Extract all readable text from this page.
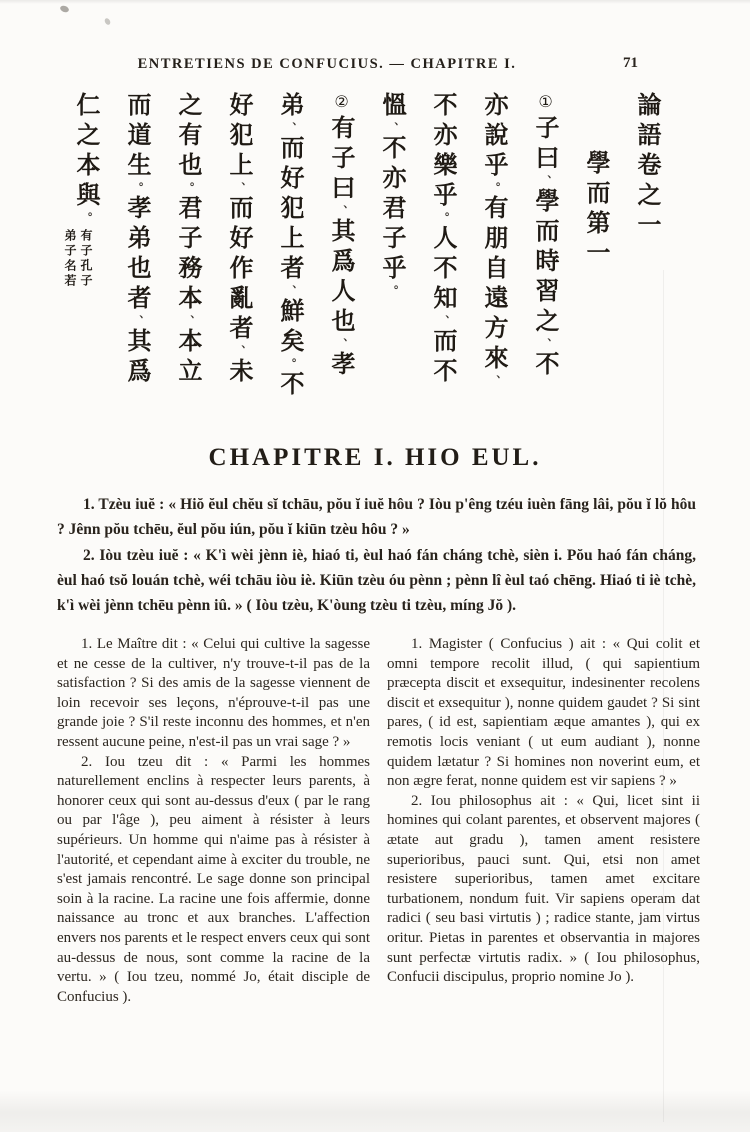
ENTRETIENS DE CONFUCIUS. — CHAPITRE I.	71
論語卷之一
學而第一
①子曰、學而時習之、不
亦說乎。有朋自遠方來、
不亦樂乎。人不知、而不
慍、不亦君子乎。
②有子曰、其爲人也、孝
弟、而好犯上者、鮮矣。不
好犯上、而好作亂者、未
之有也。君子務本、本立
而道生。孝弟也者、其爲
仁之本與。
有子孔子
弟子名若
CHAPITRE I. HIO EUL.

1. Tzèu iuĕ : « Hiŏ ĕul chĕu sĭ tchāu, pŏu ĭ iuĕ hôu ? Iòu p'êng tzéu iuèn fāng lâi, pŏu ĭ lŏ hôu ? Jênn pŏu tchēu, ĕul pŏu iún, pŏu ĭ kiūn tzèu hôu ? »

2. Iòu tzèu iuĕ : « K'ì wèi jènn iè, hiaó ti, èul haó fán cháng tchè, sièn i. Pŏu haó fán cháng, èul haó tsŏ louán tchè, wéi tchāu iòu iè. Kiūn tzèu óu pènn ; pènn lî èul taó chēng. Hiaó ti iè tchè, k'ì wèi jènn tchēu pènn iû. » ( Iòu tzèu, K'òung tzèu ti tzèu, míng Jŏ ).

1. Le Maître dit : « Celui qui cultive la sagesse et ne cesse de la cultiver, n'y trouve-t-il pas de la satisfaction ? Si des amis de la sagesse viennent de loin recevoir ses leçons, n'éprouve-t-il pas une grande joie ? S'il reste inconnu des hommes, et n'en ressent aucune peine, n'est-il pas un vrai sage ? »

2. Iou tzeu dit : « Parmi les hommes naturellement enclins à respecter leurs parents, à honorer ceux qui sont au-dessus d'eux ( par le rang ou par l'âge ), peu aiment à résister à leurs supérieurs. Un homme qui n'aime pas à résister à l'autorité, et cependant aime à exciter du trouble, ne s'est jamais rencontré. Le sage donne son principal soin à la racine. La racine une fois affermie, donne naissance au tronc et aux branches. L'affection envers nos parents et le respect envers ceux qui sont au-dessus de nous, sont comme la racine de la vertu. » ( Iou tzeu, nommé Jo, était disciple de Confucius ).

1. Magister ( Confucius ) ait : « Qui colit et omni tempore recolit illud, ( qui sapientium præcepta discit et exsequitur, indesinenter recolens discit et exsequitur ), nonne quidem gaudet ? Si sint pares, ( id est, sapientiam æque amantes ), qui ex remotis locis veniant ( ut eum audiant ), nonne quidem lætatur ? Si homines non noverint eum, et non ægre ferat, nonne quidem est vir sapiens ? »

2. Iou philosophus ait : « Qui, licet sint ii homines qui colant parentes, et observent majores ( ætate aut gradu ), tamen ament resistere superioribus, pauci sunt. Qui, etsi non amet resistere superioribus, tamen amet excitare turbationem, nondum fuit. Vir sapiens operam dat radici ( seu basi virtutis ) ; radice stante, jam virtus oritur. Pietas in parentes et observantia in majores sunt perfectæ virtutis radix. » ( Iou philosophus, Confucii discipulus, proprio nomine Jo ).
